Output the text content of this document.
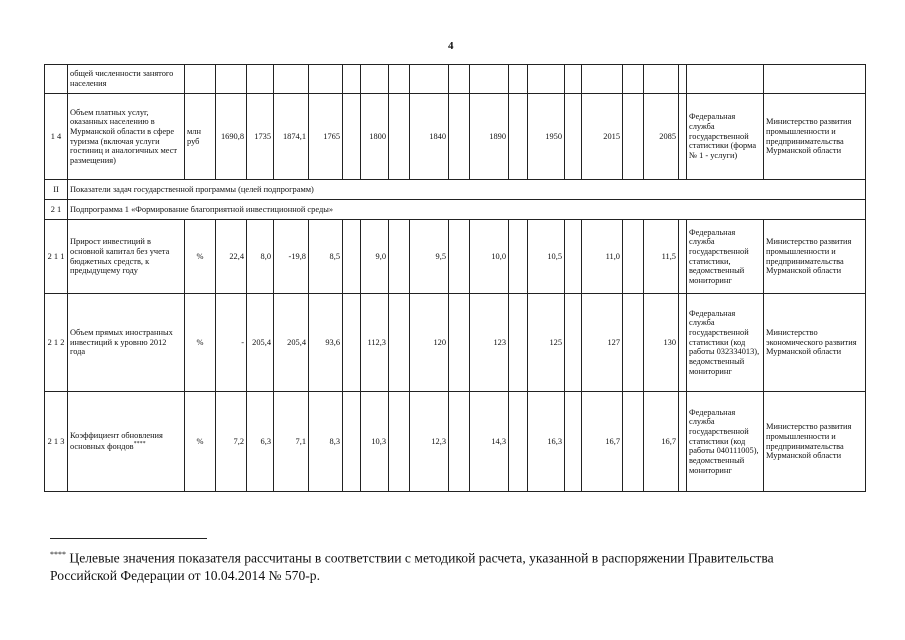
4
	общей численности занятого населения																				
1 4	Объем платных услуг, оказанных населению в Мурманской области в сфере туризма (включая услуги гостиниц и аналогичных мест размещения)	млн руб	1690,8	1735	1874,1	1765		1800		1840		1890		1950		2015		2085		Федеральная служба государственной статистики (форма № 1 - услуги)	Министерство развития промышленности и предпринимательства Мурманской области
II	Показатели задач государственной программы (целей подпрограмм)																				
2 1	Подпрограмма 1 «Формирование благоприятной инвестиционной среды»																				
2 1 1	Прирост инвестиций в основной капитал без учета бюджетных средств, к предыдущему году	%	22,4	8,0	-19,8	8,5		9,0		9,5		10,0		10,5		11,0		11,5		Федеральная служба государственной статистики, ведомственный мониторинг	Министерство развития промышленности и предпринимательства Мурманской области
2 1 2	Объем прямых иностранных инвестиций к уровню 2012 года	%	-	205,4	205,4	93,6		112,3		120		123		125		127		130		Федеральная служба государственной статистики (код работы 032334013), ведомственный мониторинг	Министерство экономического развития Мурманской области
2 1 3	Коэффициент обновления основных фондов****	%	7,2	6,3	7,1	8,3		10,3		12,3		14,3		16,3		16,7		16,7		Федеральная служба государственной статистики (код работы 040111005), ведомственный мониторинг	Министерство развития промышленности и предпринимательства Мурманской области
**** Целевые значения показателя рассчитаны в соответствии с методикой расчета, указанной в распоряжении Правительства Российской Федерации от 10.04.2014 № 570-р.
